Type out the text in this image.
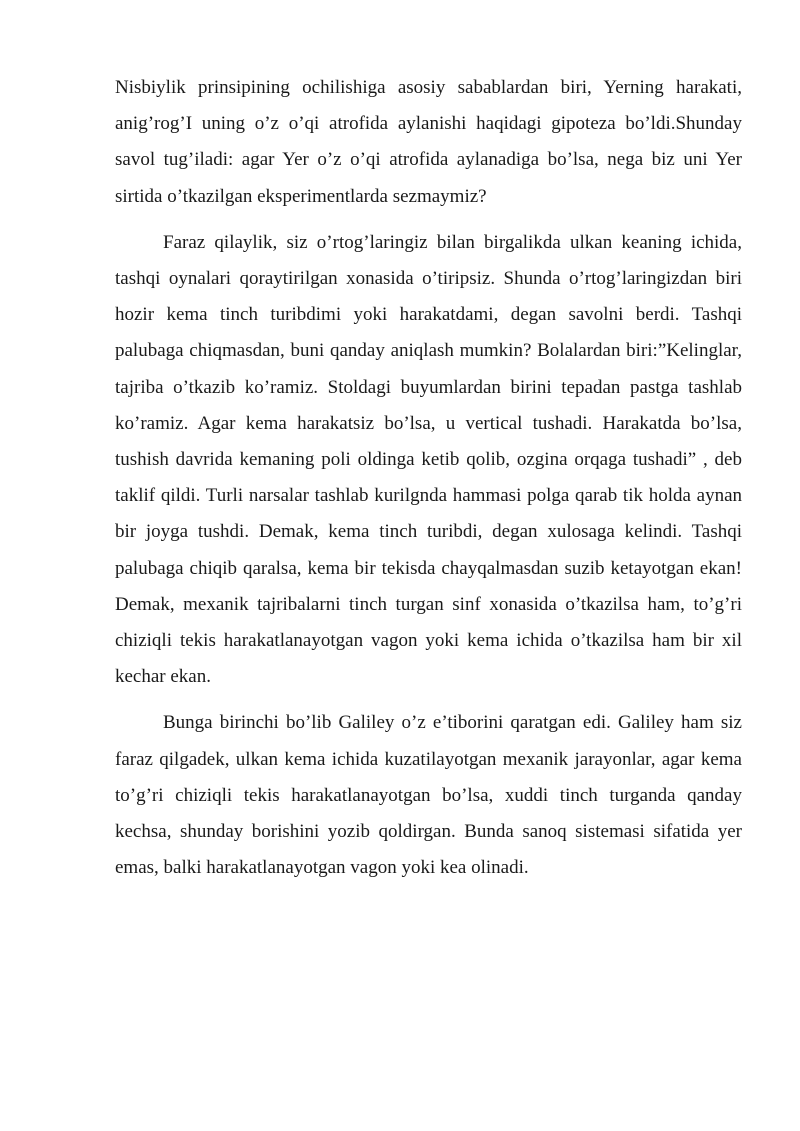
Nisbiylik prinsipining ochilishiga asosiy sabablardan biri, Yerning harakati, anig’rog’I uning o’z o’qi atrofida aylanishi haqidagi gipoteza bo’ldi.Shunday savol tug’iladi: agar Yer o’z o’qi atrofida aylanadiga bo’lsa, nega biz uni Yer sirtida o’tkazilgan eksperimentlarda sezmaymiz?

Faraz qilaylik, siz o’rtog’laringiz bilan birgalikda ulkan keaning ichida, tashqi oynalari qoraytirilgan xonasida o’tiripsiz. Shunda o’rtog’laringizdan biri hozir kema tinch turibdimi yoki harakatdami, degan savolni berdi. Tashqi palubaga chiqmasdan, buni qanday aniqlash mumkin? Bolalardan biri:”Kelinglar, tajriba o’tkazib ko’ramiz. Stoldagi buyumlardan birini tepadan pastga tashlab ko’ramiz. Agar kema harakatsiz bo’lsa, u vertical tushadi. Harakatda bo’lsa, tushish davrida kemaning poli oldinga ketib qolib, ozgina orqaga tushadi” , deb taklif qildi. Turli narsalar tashlab kurilgnda hammasi polga qarab tik holda aynan bir joyga tushdi. Demak, kema tinch turibdi, degan xulosaga kelindi. Tashqi palubaga chiqib qaralsa, kema bir tekisda chayqalmasdan suzib ketayotgan ekan! Demak, mexanik tajribalarni tinch turgan sinf xonasida o’tkazilsa ham, to’g’ri chiziqli tekis harakatlanayotgan vagon yoki kema ichida o’tkazilsa ham bir xil kechar ekan.

Bunga birinchi bo’lib Galiley o’z e’tiborini qaratgan edi. Galiley ham siz faraz qilgadek, ulkan kema ichida kuzatilayotgan mexanik jarayonlar, agar kema to’g’ri chiziqli tekis harakatlanayotgan bo’lsa, xuddi tinch turganda qanday kechsa, shunday borishini yozib qoldirgan. Bunda sanoq sistemasi sifatida yer emas, balki harakatlanayotgan vagon yoki kea olinadi.
